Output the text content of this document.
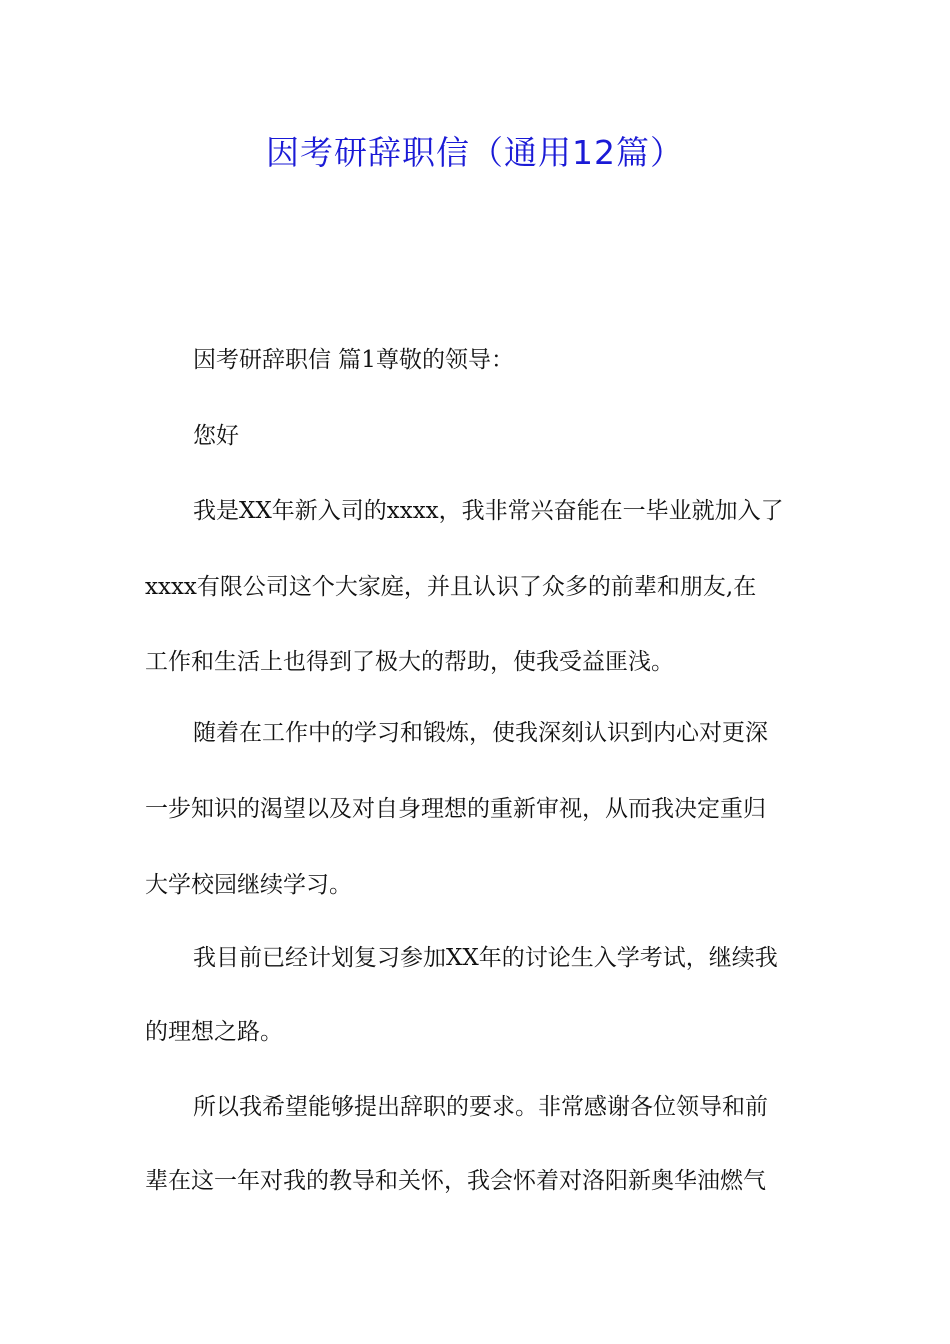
因考研辞职信（通用12篇）
因考研辞职信 篇1尊敬的领导：
您好
我是XX年新入司的xxxx，我非常兴奋能在一毕业就加入了
xxxx有限公司这个大家庭，并且认识了众多的前辈和朋友,在
工作和生活上也得到了极大的帮助，使我受益匪浅。
随着在工作中的学习和锻炼，使我深刻认识到内心对更深
一步知识的渴望以及对自身理想的重新审视，从而我决定重归
大学校园继续学习。
我目前已经计划复习参加XX年的讨论生入学考试，继续我
的理想之路。
所以我希望能够提出辞职的要求。非常感谢各位领导和前
辈在这一年对我的教导和关怀，我会怀着对洛阳新奥华油燃气
